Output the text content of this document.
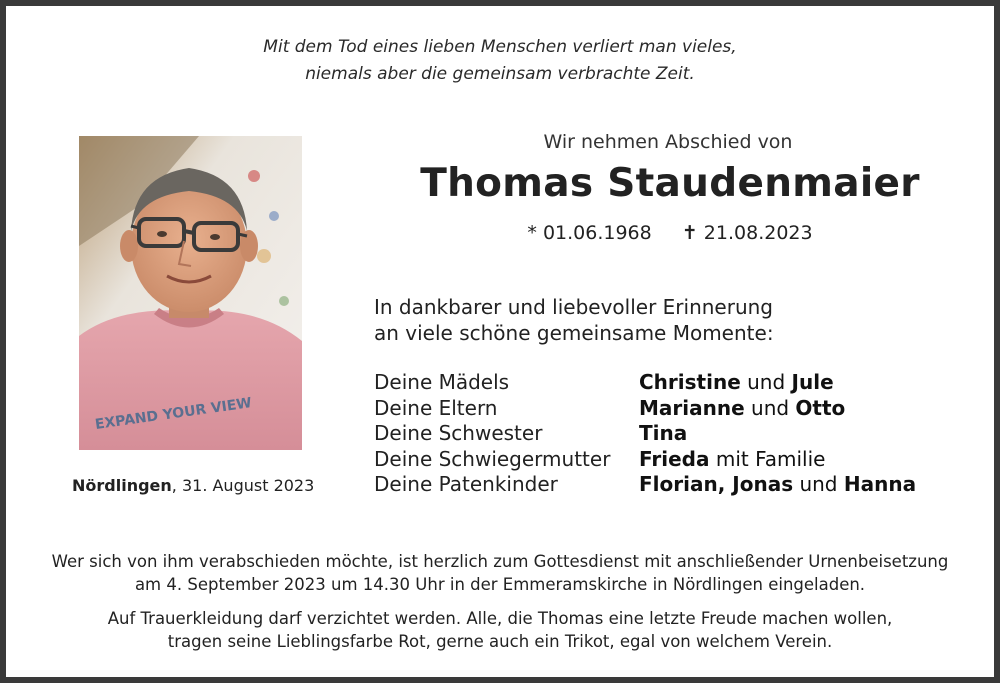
Mit dem Tod eines lieben Menschen verliert man vieles,
niemals aber die gemeinsam verbrachte Zeit.
EXPAND YOUR VIEW
Nördlingen, 31. August 2023
Wir nehmen Abschied von
Thomas Staudenmaier
* 01.06.1968 ✝ 21.08.2023
In dankbarer und liebevoller Erinnerung
an viele schöne gemeinsame Momente:
Deine Mädels	Christine und Jule
Deine Eltern	Marianne und Otto
Deine Schwester	Tina
Deine Schwiegermutter	Frieda mit Familie
Deine Patenkinder	Florian, Jonas und Hanna
Wer sich von ihm verabschieden möchte, ist herzlich zum Gottesdienst mit anschließender Urnenbeisetzung
am 4. September 2023 um 14.30 Uhr in der Emmeramskirche in Nördlingen eingeladen.
Auf Trauerkleidung darf verzichtet werden. Alle, die Thomas eine letzte Freude machen wollen,
tragen seine Lieblingsfarbe Rot, gerne auch ein Trikot, egal von welchem Verein.
